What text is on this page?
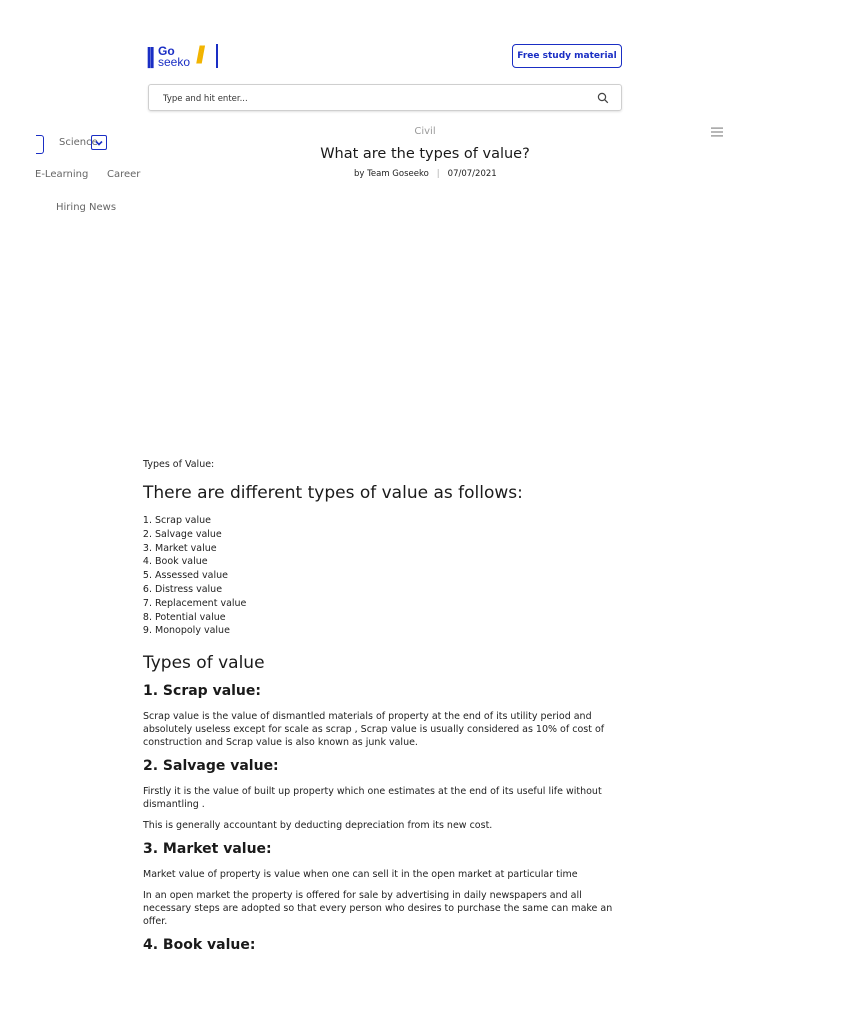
|| Go
seeko //	Free study material
Type and hit enter...
Science
E-Learning Career
Hiring News
Civil
What are the types of value?
by Team Goseeko | 07/07/2021

Types of Value:

There are different types of value as follows:
1. Scrap value
2. Salvage value
3. Market value
4. Book value
5. Assessed value
6. Distress value
7. Replacement value
8. Potential value
9. Monopoly value
Types of value
1. Scrap value:

Scrap value is the value of dismantled materials of property at the end of its utility period and absolutely useless except for scale as scrap , Scrap value is usually considered as 10% of cost of construction and Scrap value is also known as junk value.

2. Salvage value:

Firstly it is the value of built up property which one estimates at the end of its useful life without dismantling .

This is generally accountant by deducting depreciation from its new cost.

3. Market value:

Market value of property is value when one can sell it in the open market at particular time

In an open market the property is offered for sale by advertising in daily newspapers and all necessary steps are adopted so that every person who desires to purchase the same can make an offer.

4. Book value:
